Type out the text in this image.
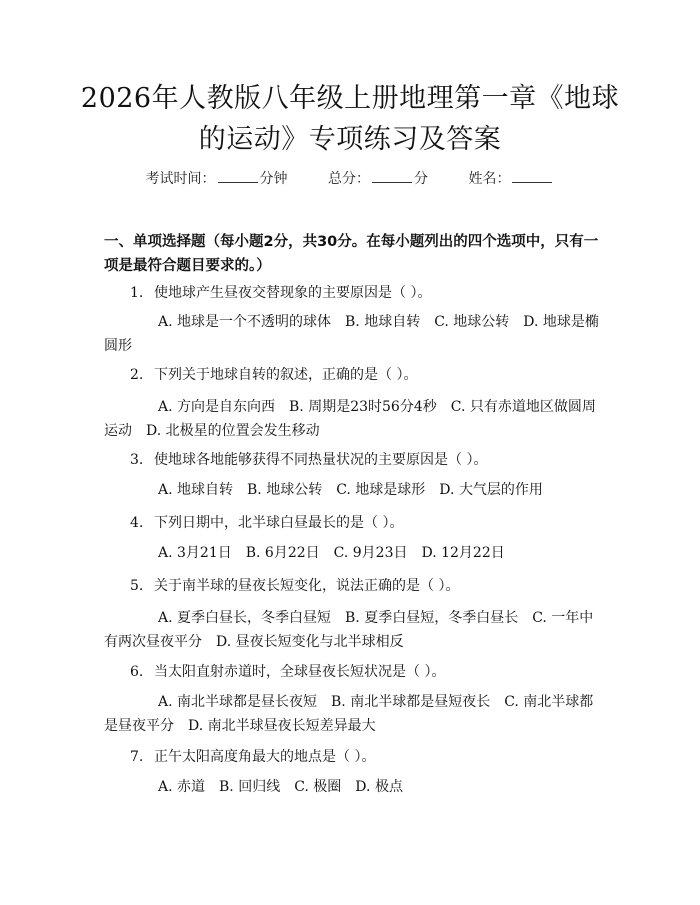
2026年人教版八年级上册地理第一章《地球
的运动》专项练习及答案
考试时间：	分钟	总分：	分	姓名：
一、单项选择题（每小题2分，共30分。在每小题列出的四个选项中，只有一项是最符合题目要求的。）
1. 使地球产生昼夜交替现象的主要原因是（ ）。
A. 地球是一个不透明的球体　B. 地球自转　C. 地球公转　D. 地球是椭圆形
2. 下列关于地球自转的叙述，正确的是（ ）。
A. 方向是自东向西　B. 周期是23时56分4秒　C. 只有赤道地区做圆周运动　D. 北极星的位置会发生移动
3. 使地球各地能够获得不同热量状况的主要原因是（ ）。
A. 地球自转　B. 地球公转　C. 地球是球形　D. 大气层的作用
4. 下列日期中，北半球白昼最长的是（ ）。
A. 3月21日　B. 6月22日　C. 9月23日　D. 12月22日
5. 关于南半球的昼夜长短变化，说法正确的是（ ）。
A. 夏季白昼长，冬季白昼短　B. 夏季白昼短，冬季白昼长　C. 一年中有两次昼夜平分　D. 昼夜长短变化与北半球相反
6. 当太阳直射赤道时，全球昼夜长短状况是（ ）。
A. 南北半球都是昼长夜短　B. 南北半球都是昼短夜长　C. 南北半球都是昼夜平分　D. 南北半球昼夜长短差异最大
7. 正午太阳高度角最大的地点是（ ）。
A. 赤道　B. 回归线　C. 极圈　D. 极点
